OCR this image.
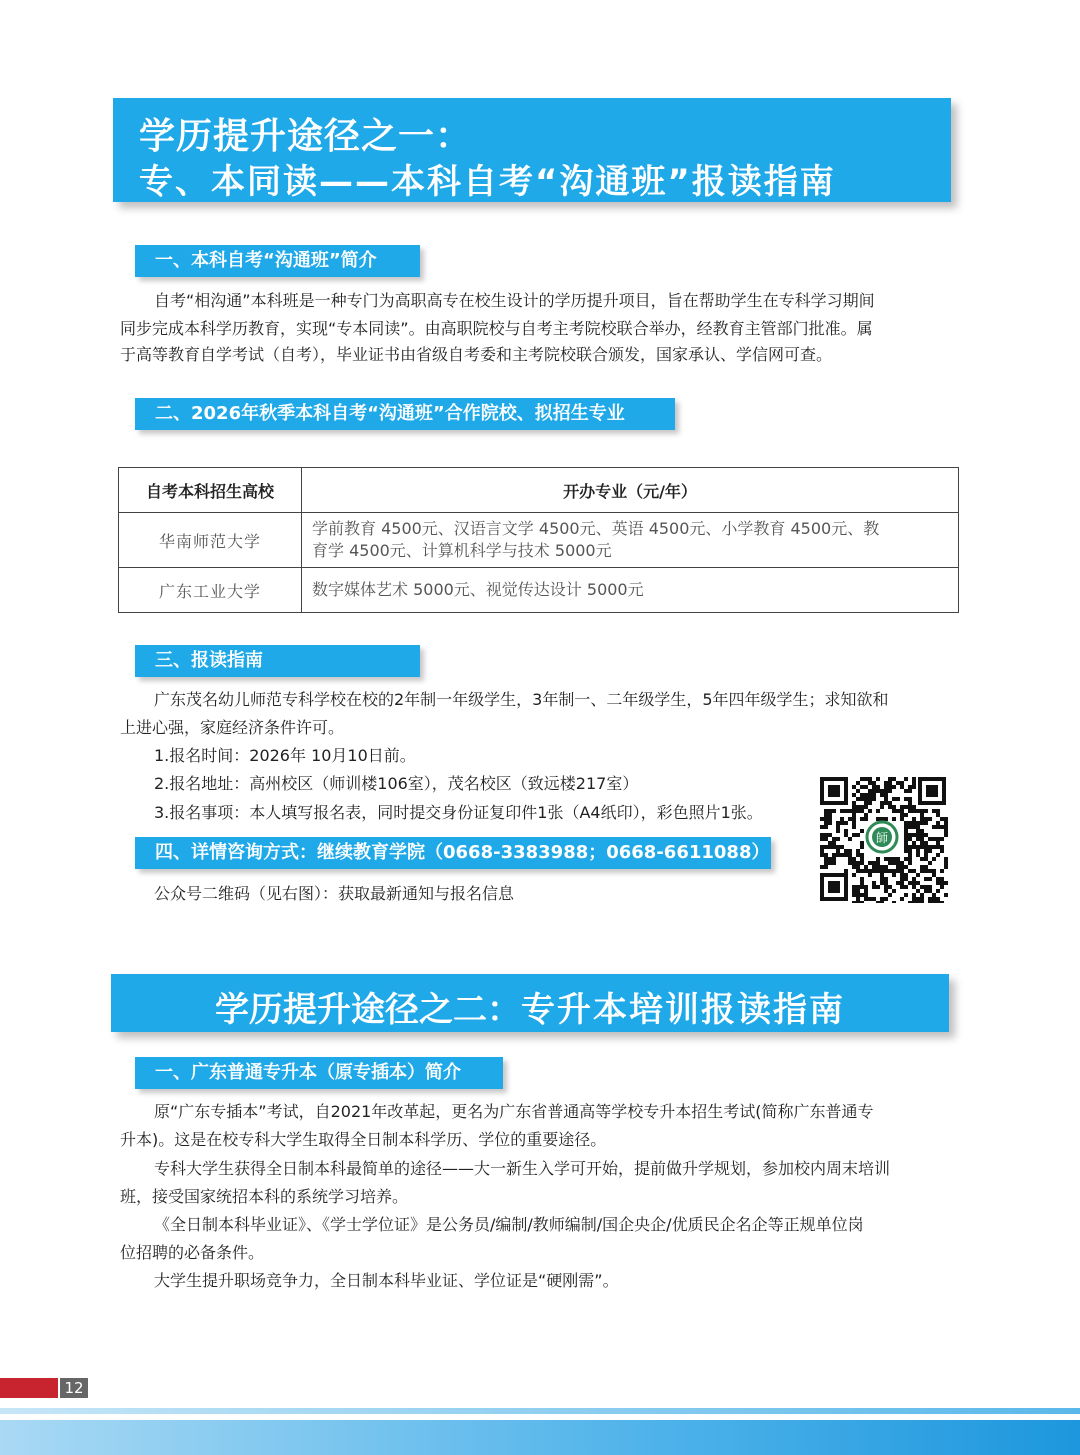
学历提升途径之一：
专、本同读——本科自考“沟通班”报读指南
一、本科自考“沟通班”简介
自考“相沟通”本科班是一种专门为高职高专在校生设计的学历提升项目，旨在帮助学生在专科学习期间
同步完成本科学历教育，实现“专本同读”。由高职院校与自考主考院校联合举办，经教育主管部门批准。属
于高等教育自学考试（自考），毕业证书由省级自考委和主考院校联合颁发，国家承认、学信网可查。
二、2026年秋季本科自考“沟通班”合作院校、拟招生专业
自考本科招生高校	开办专业（元/年）
华南师范大学	学前教育 4500元、汉语言文学 4500元、英语 4500元、小学教育 4500元、教
育学 4500元、计算机科学与技术 5000元

广东工业大学	数字媒体艺术 5000元、视觉传达设计 5000元
三、报读指南
广东茂名幼儿师范专科学校在校的2年制一年级学生，3年制一、二年级学生，5年四年级学生；求知欲和
上进心强，家庭经济条件许可。
1.报名时间：2026年 10月10日前。
2.报名地址：高州校区（师训楼106室），茂名校区（致远楼217室）
3.报名事项：本人填写报名表，同时提交身份证复印件1张（A4纸印），彩色照片1张。
四、详情咨询方式：继续教育学院（0668-3383988；0668-6611088）
公众号二维码（见右图）：获取最新通知与报名信息
師
学历提升途径之二：专升本培训报读指南
一、广东普通专升本（原专插本）简介
原“广东专插本”考试，自2021年改革起，更名为广东省普通高等学校专升本招生考试(简称广东普通专
升本)。这是在校专科大学生取得全日制本科学历、学位的重要途径。
专科大学生获得全日制本科最简单的途径——大一新生入学可开始，提前做升学规划，参加校内周末培训
班，接受国家统招本科的系统学习培养。
《全日制本科毕业证》、《学士学位证》是公务员/编制/教师编制/国企央企/优质民企名企等正规单位岗
位招聘的必备条件。
大学生提升职场竞争力，全日制本科毕业证、学位证是“硬刚需”。
12
